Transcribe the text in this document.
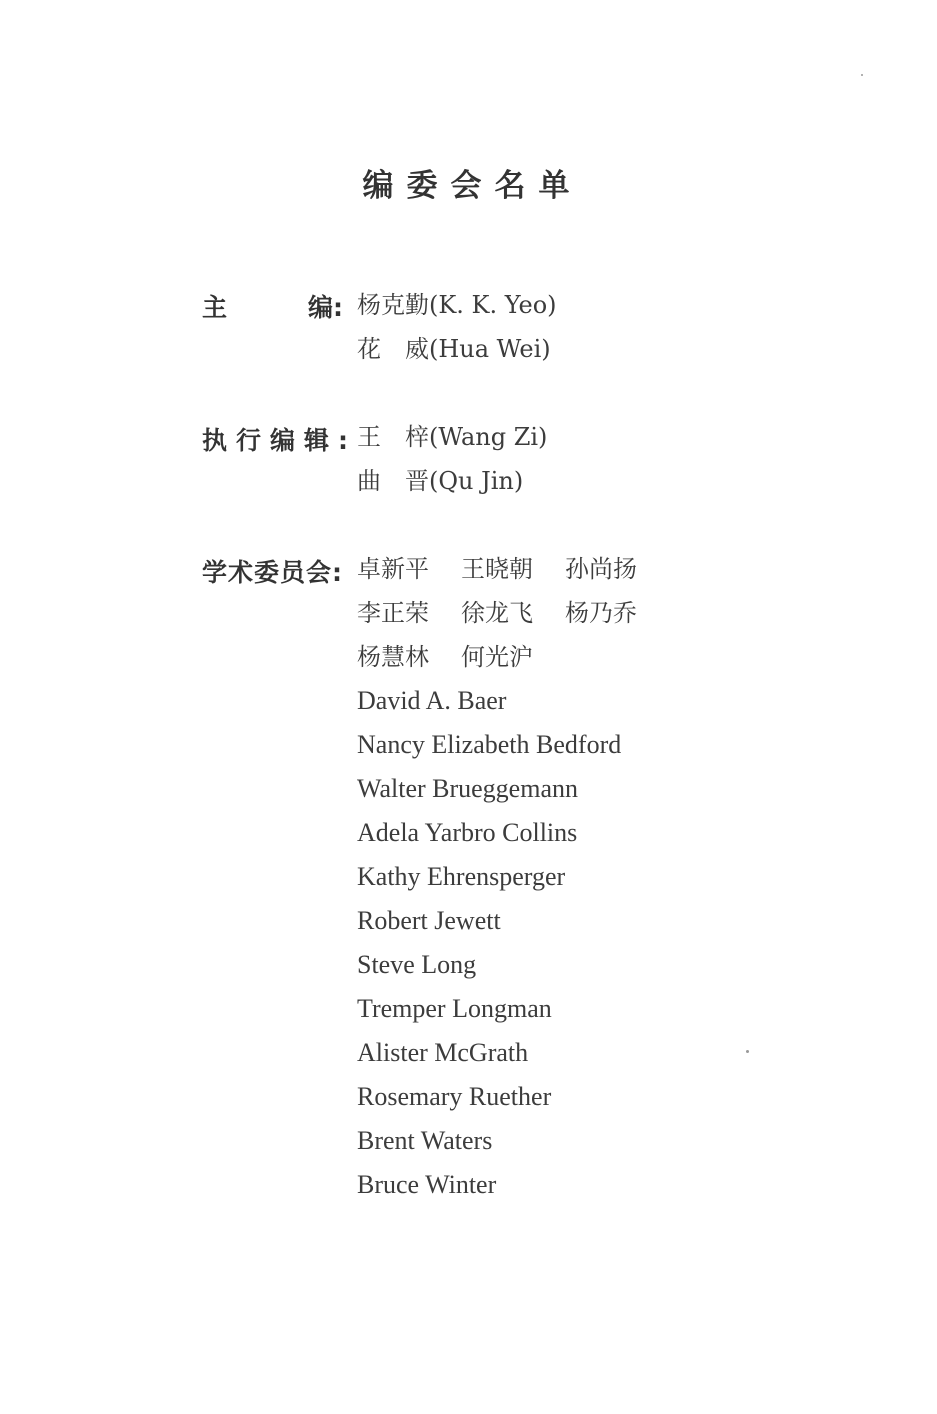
编委会名单
主	编: 杨克勤(K. K. Yeo)
花　威(Hua Wei)
执行编辑: 王　梓(Wang Zi)
曲　晋(Qu Jin)
学术委员会: 卓新平 王晓朝 孙尚扬
李正荣 徐龙飞 杨乃乔
杨慧林 何光沪
David A. Baer
Nancy Elizabeth Bedford
Walter Brueggemann
Adela Yarbro Collins
Kathy Ehrensperger
Robert Jewett
Steve Long
Tremper Longman
Alister McGrath
Rosemary Ruether
Brent Waters
Bruce Winter
